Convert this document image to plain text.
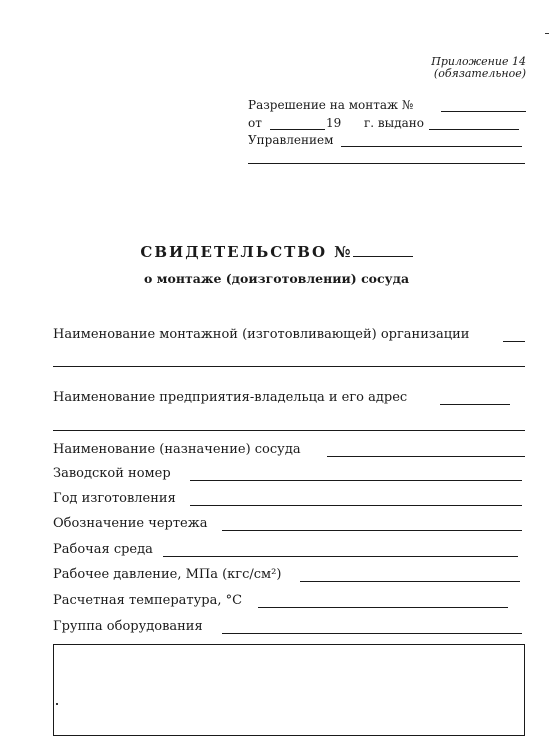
Приложение 14
(обязательное)
Разрешение на монтаж №
от	19 г. выдано
Управлением
СВИДЕТЕЛЬСТВО №
о монтаже (доизготовлении) сосуда
Наименование монтажной (изготовливающей) организации
Наименование предприятия-владельца и его адрес
Наименование (назначение) сосуда
Заводской номер
Год изготовления
Обозначение чертежа
Рабочая среда
Рабочее давление, МПа (кгс/см²)
Расчетная температура, °С
Группа оборудования
